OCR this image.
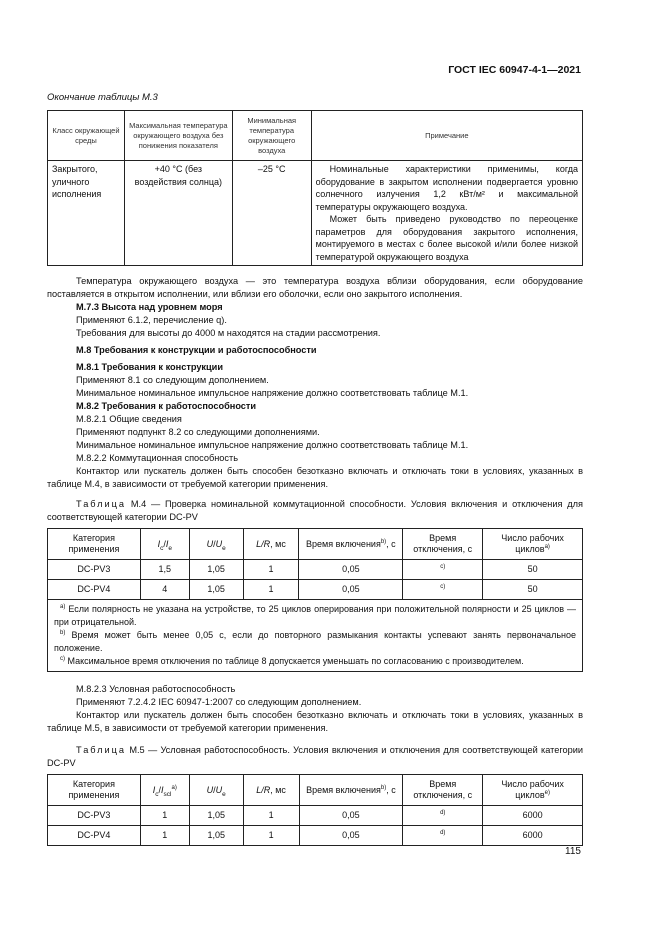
ГОСТ IEC 60947-4-1—2021
Окончание таблицы М.3
Класс окружающей среды	Максимальная температура окружающего воздуха без понижения показателя	Минимальная температура окружающего воздуха	Примечание
Закрытого, уличного исполнения	+40 °C (без воздействия солнца)	–25 °C	Номинальные характеристики применимы, когда оборудование в закрытом исполнении подвергается уровню солнечного излучения 1,2 кВт/м² и максимальной температуры окружающего воздуха.

Может быть приведено руководство по переоценке параметров для оборудования закрытого исполнения, монтируемого в местах с более высокой и/или более низкой температурой окружающего воздуха

Температура окружающего воздуха — это температура воздуха вблизи оборудования, если оборудование поставляется в открытом исполнении, или вблизи его оболочки, если оно закрытого исполнения.

М.7.3 Высота над уровнем моря

Применяют 6.1.2, перечисление q).

Требования для высоты до 4000 м находятся на стадии рассмотрения.

М.8 Требования к конструкции и работоспособности

М.8.1 Требования к конструкции

Применяют 8.1 со следующим дополнением.

Минимальное номинальное импульсное напряжение должно соответствовать таблице М.1.

М.8.2 Требования к работоспособности

М.8.2.1 Общие сведения

Применяют подпункт 8.2 со следующими дополнениями.

Минимальное номинальное импульсное напряжение должно соответствовать таблице М.1.

М.8.2.2 Коммутационная способность

Контактор или пускатель должен быть способен безотказно включать и отключать токи в условиях, указанных в таблице М.4, в зависимости от требуемой категории применения.

Таблица М.4 — Проверка номинальной коммутационной способности. Условия включения и отключения для соответствующей категории DC-PV

Категория применения	$I_c/I_e$	$U/U_e$	L/R, мс	Время включения$^{b)}$, с	Время отключения, с	Число рабочих циклов$^{a)}$
DC-PV3	1,5	1,05	1	0,05	$^{c)}$	50
DC-PV4	4	1,05	1	0,05	$^{c)}$	50

$^{a)}$ Если полярность не указана на устройстве, то 25 циклов оперирования при положительной полярности и 25 циклов — при отрицательной.

$^{b)}$ Время может быть менее 0,05 с, если до повторного размыкания контакты успевают занять первоначальное положение.

$^{c)}$ Максимальное время отключения по таблице 8 допускается уменьшать по согласованию с производителем.						

М.8.2.3 Условная работоспособность

Применяют 7.2.4.2 IEC 60947-1:2007 со следующим дополнением.

Контактор или пускатель должен быть способен безотказно включать и отключать токи в условиях, указанных в таблице М.5, в зависимости от требуемой категории применения.

Таблица М.5 — Условная работоспособность. Условия включения и отключения для соответствующей категории DC-PV

Категория применения	$I_c/I_{scl}^{a)}$	$U/U_e$	L/R, мс	Время включения$^{b)}$, с	Время отключения, с	Число рабочих циклов$^{e)}$
DC-PV3	1	1,05	1	0,05	$^{d)}$	6000
DC-PV4	1	1,05	1	0,05	$^{d)}$	6000
115
